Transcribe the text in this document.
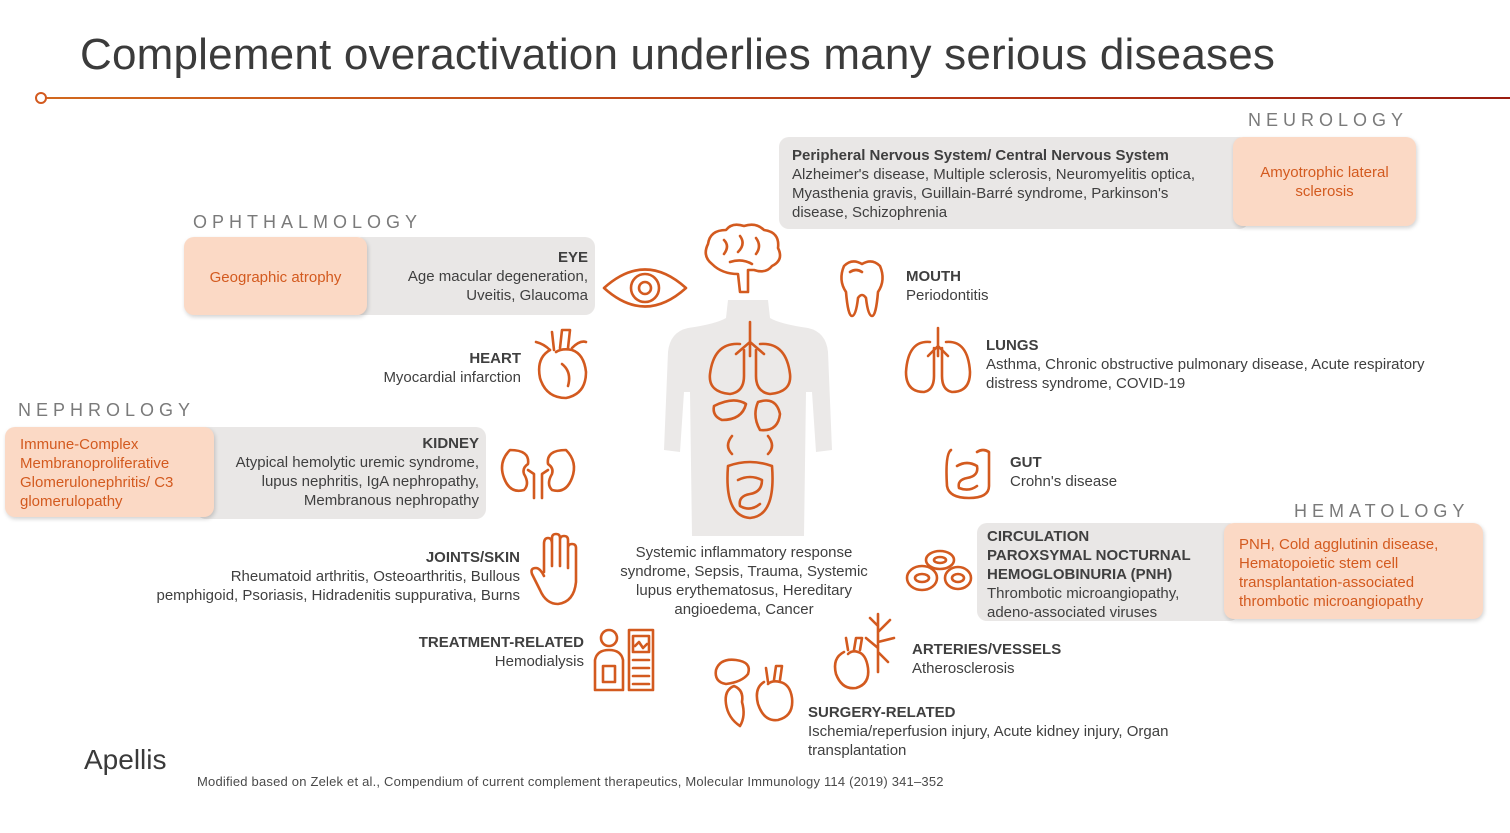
Complement overactivation underlies many serious diseases
NEUROLOGY
OPHTHALMOLOGY
NEPHROLOGY
HEMATOLOGY
Peripheral Nervous System/ Central Nervous System
Alzheimer's disease, Multiple sclerosis, Neuromyelitis optica, Myasthenia gravis, Guillain-Barré syndrome, Parkinson's disease, Schizophrenia
Amyotrophic lateral sclerosis
EYE
Age macular degeneration,
Uveitis, Glaucoma
Geographic atrophy
HEART
Myocardial infarction
KIDNEY
Atypical hemolytic uremic syndrome,
lupus nephritis, IgA nephropathy,
Membranous nephropathy
Immune-Complex Membranoproliferative Glomerulonephritis/ C3 glomerulopathy
JOINTS/SKIN
Rheumatoid arthritis, Osteoarthritis, Bullous
pemphigoid, Psoriasis, Hidradenitis suppurativa, Burns
TREATMENT-RELATED
Hemodialysis
Systemic inflammatory response syndrome, Sepsis, Trauma, Systemic lupus erythematosus, Hereditary angioedema, Cancer
MOUTH
Periodontitis
LUNGS
Asthma, Chronic obstructive pulmonary disease, Acute respiratory
distress syndrome, COVID-19
GUT
Crohn's disease
CIRCULATION
PAROXSYMAL NOCTURNAL HEMOGLOBINURIA (PNH)
Thrombotic microangiopathy, adeno-associated viruses
PNH, Cold agglutinin disease, Hematopoietic stem cell transplantation-associated thrombotic microangiopathy
ARTERIES/VESSELS
Atherosclerosis
SURGERY-RELATED
Ischemia/reperfusion injury, Acute kidney injury, Organ
transplantation
Apellis
Modified based on Zelek et al., Compendium of current complement therapeutics, Molecular Immunology 114 (2019) 341–352
